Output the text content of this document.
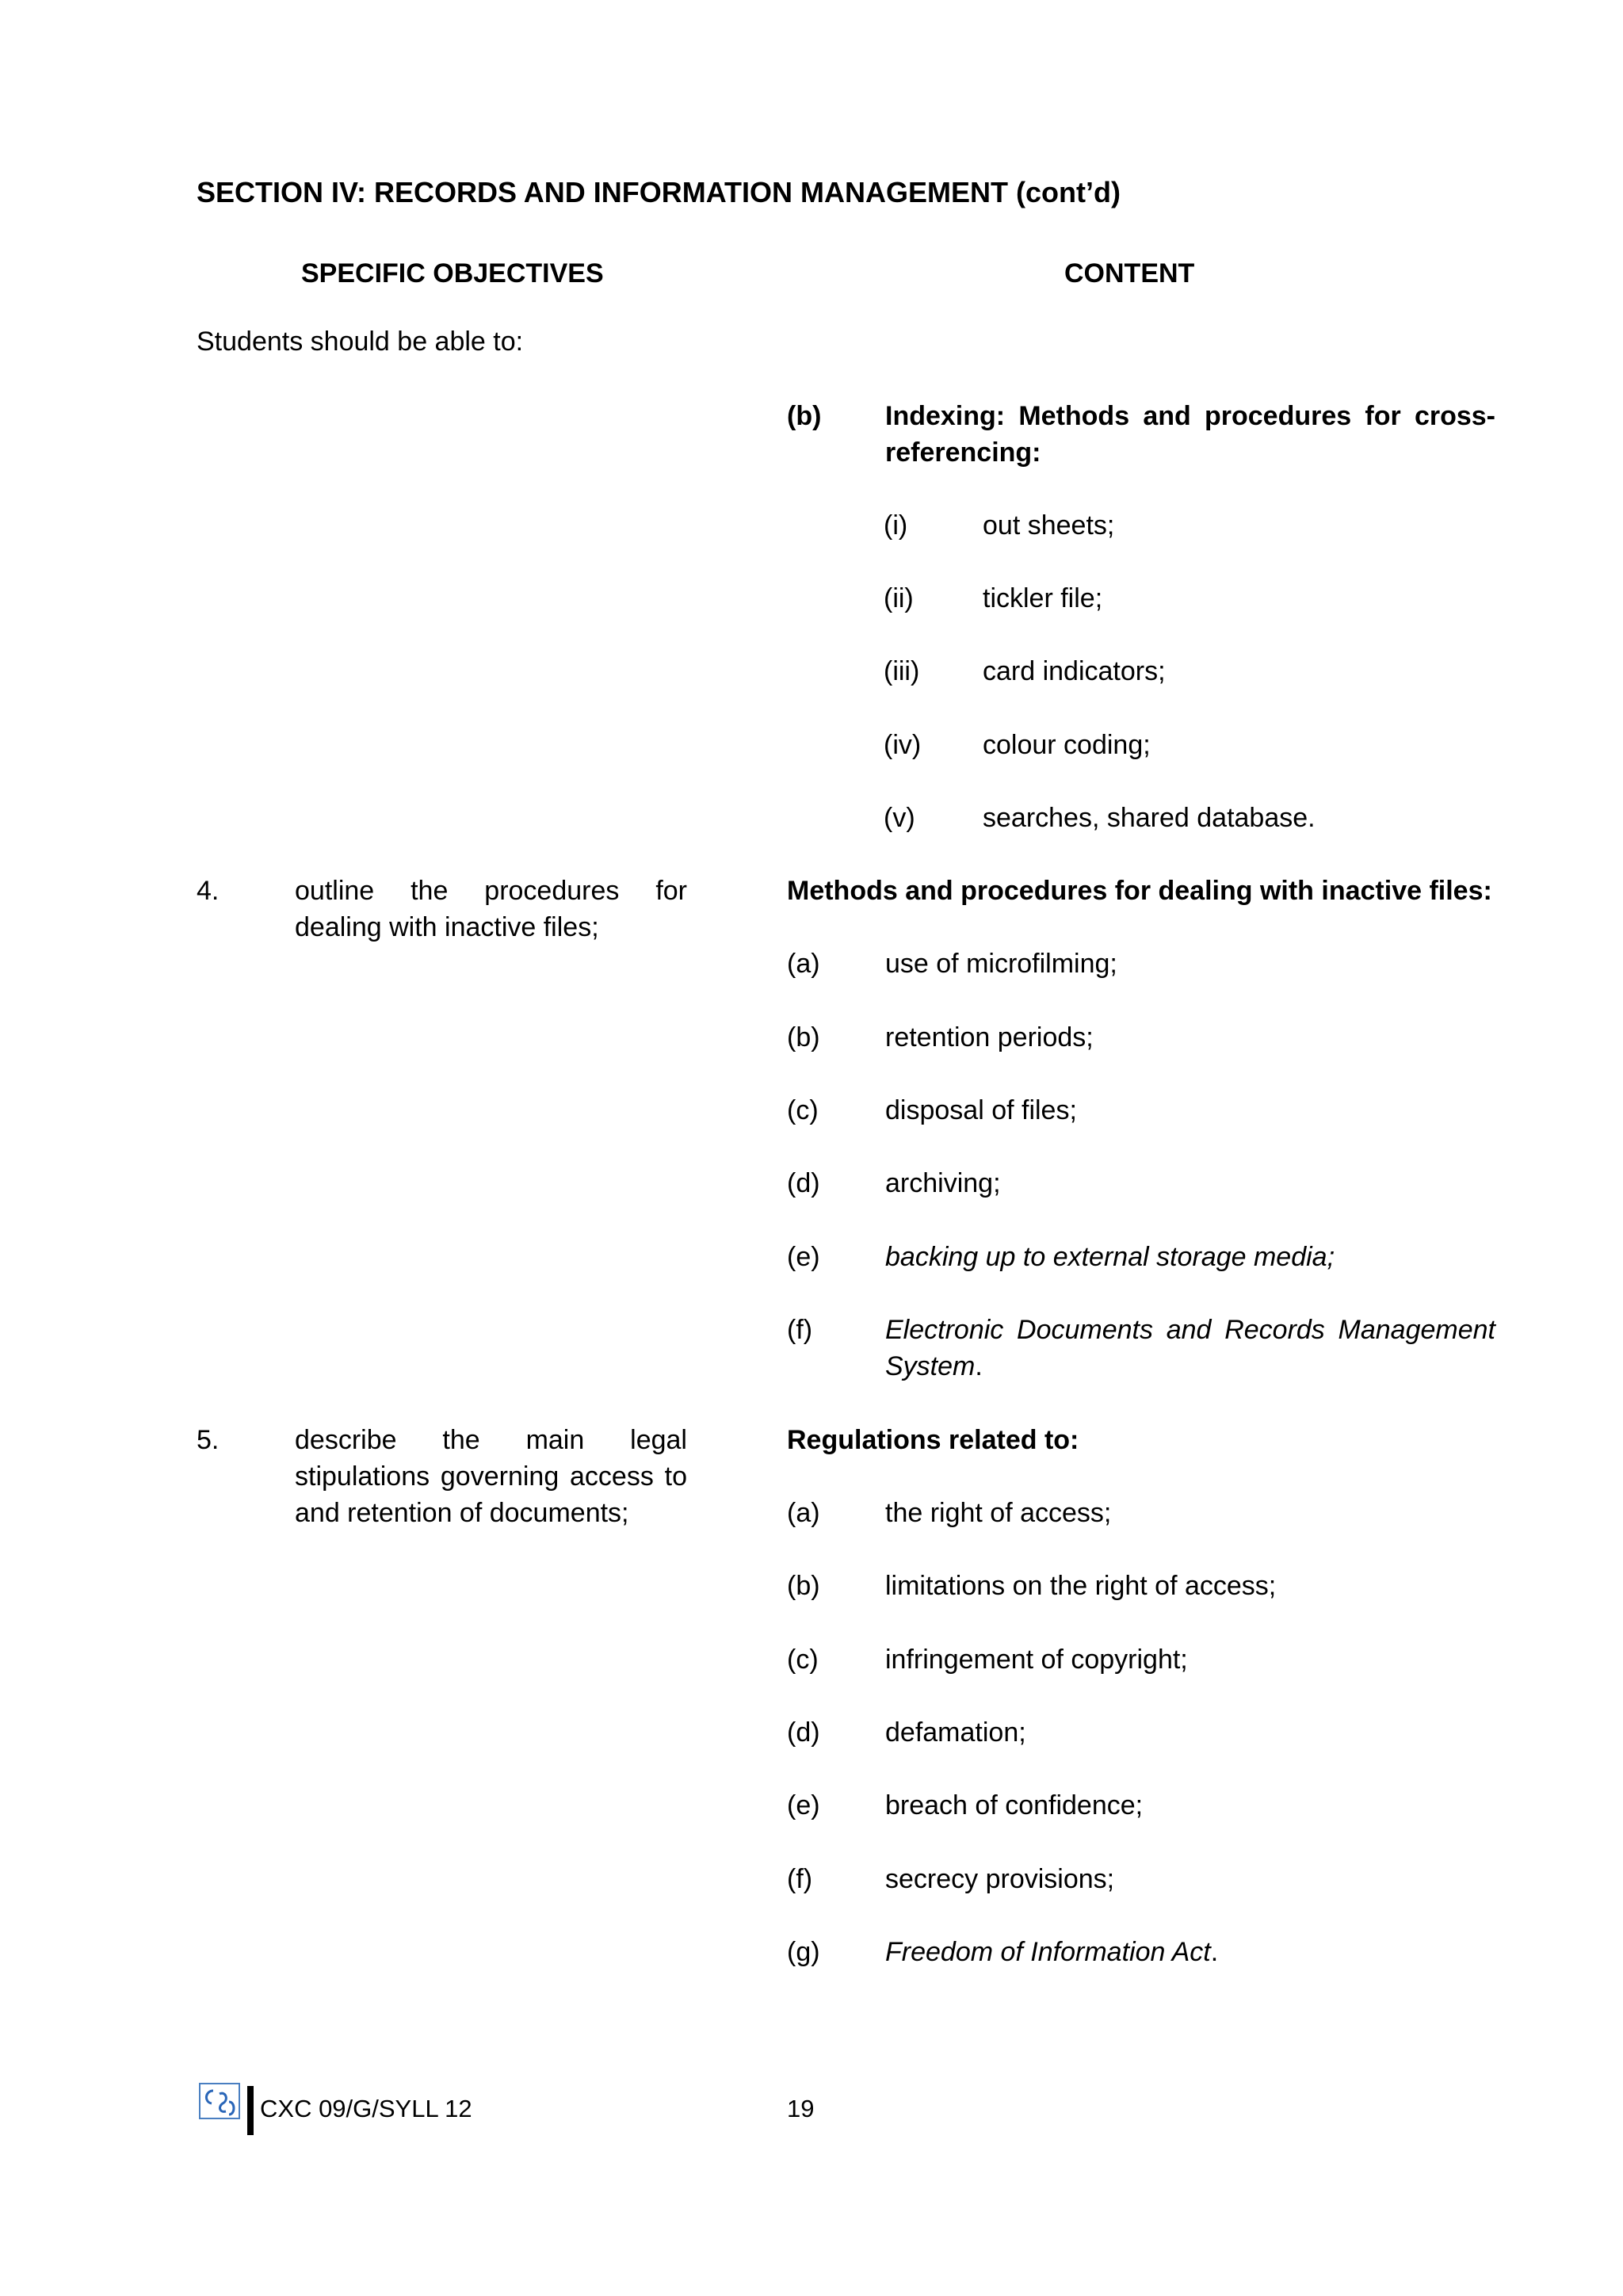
SECTION IV: RECORDS AND INFORMATION MANAGEMENT (cont’d)
SPECIFIC OBJECTIVES	CONTENT
Students should be able to:
(b) Indexing: Methods and procedures for cross-
referencing:
(i)	out sheets;
(ii)	tickler file;
(iii) card indicators;
(iv) colour coding;
(v)	searches, shared database.
4.	outline the procedures for
dealing with inactive files;
Methods and procedures for dealing with inactive files:
(a) use of microfilming;
(b) retention periods;
(c) disposal of files;
(d) archiving;
(e) backing up to external storage media;
(f)	Electronic Documents and Records Management
System.
5.	describe the main legal
stipulations governing access to
and retention of documents;
Regulations related to:
(a) the right of access;
(b) limitations on the right of access;
(c) infringement of copyright;
(d) defamation;
(e) breach of confidence;
(f)	secrecy provisions;
(g) Freedom of Information Act.
CXC 09/G/SYLL 12	19
